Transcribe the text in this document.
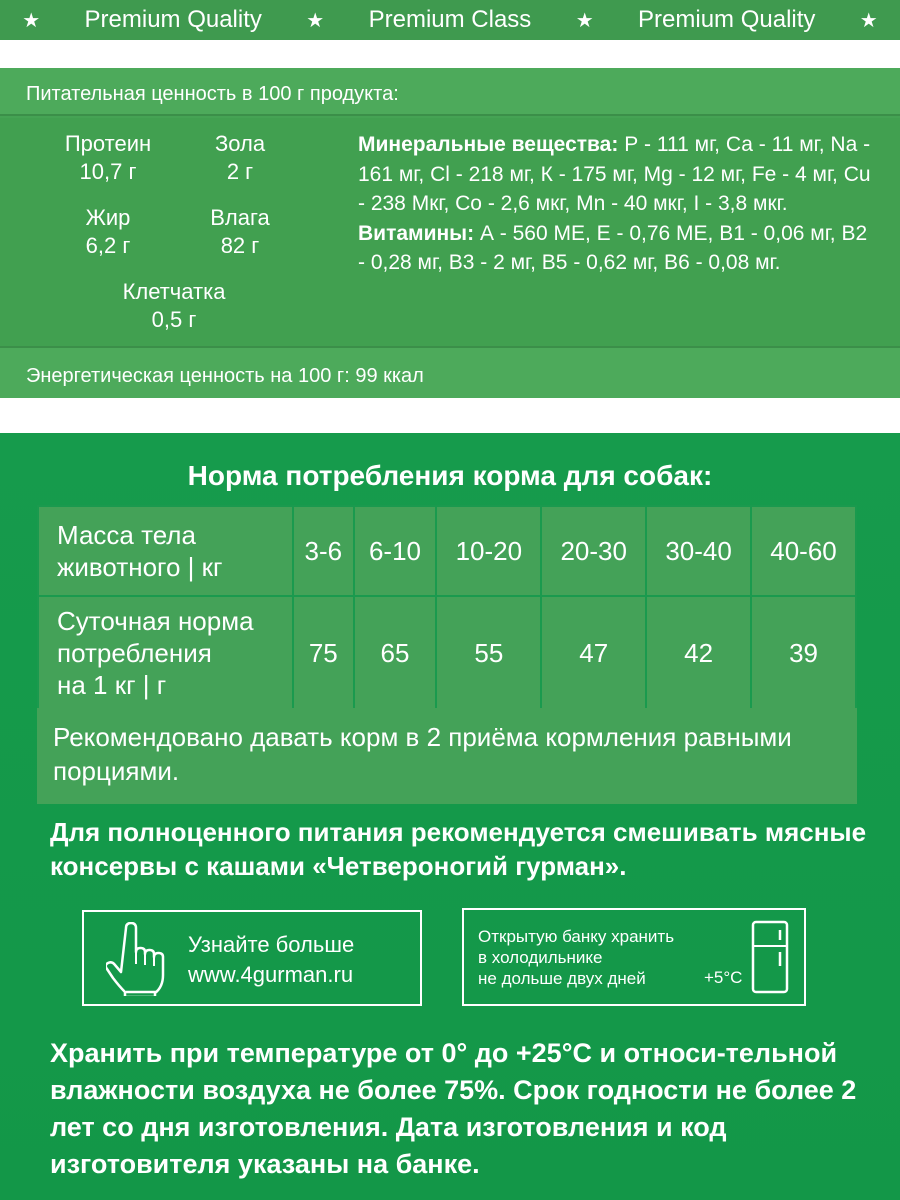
★ Premium Quality ★ Premium Class ★ Premium Quality ★
Питательная ценность в 100 г продукта:
Протеин
10,7 г
Зола
2 г
Жир
6,2 г
Влага
82 г
Клетчатка
0,5 г
Минеральные вещества: Р - 111 мг, Са - 11 мг, Na - 161 мг, Cl - 218 мг, К - 175 мг, Mg - 12 мг, Fe - 4 мг, Cu - 238 Мкг, Co - 2,6 мкг, Mn - 40 мкг, I - 3,8 мкг.
Витамины: А - 560 МЕ, Е - 0,76 МЕ, В1 - 0,06 мг, В2 - 0,28 мг, В3 - 2 мг, В5 - 0,62 мг, В6 - 0,08 мг.
Энергетическая ценность на 100 г: 99 ккал
Норма потребления корма для собак:
Масса тела
животного | кг	3-6	6-10	10-20	20-30	30-40	40-60
Суточная норма
потребления
на 1 кг | г	75	65	55	47	42	39
Рекомендовано давать корм в 2 приёма кормления равными порциями.
Для полноценного питания рекомендуется смешивать мясные консервы с кашами «Четвероногий гурман».
Узнайте больше
www.4gurman.ru
Открытую банку хранить
в холодильнике
не дольше двух дней	+5°С
Хранить при температуре от 0° до +25°С и относи-тельной влажности воздуха не более 75%. Срок годности не более 2 лет со дня изготовления. Дата изготовления и код изготовителя указаны на банке.
